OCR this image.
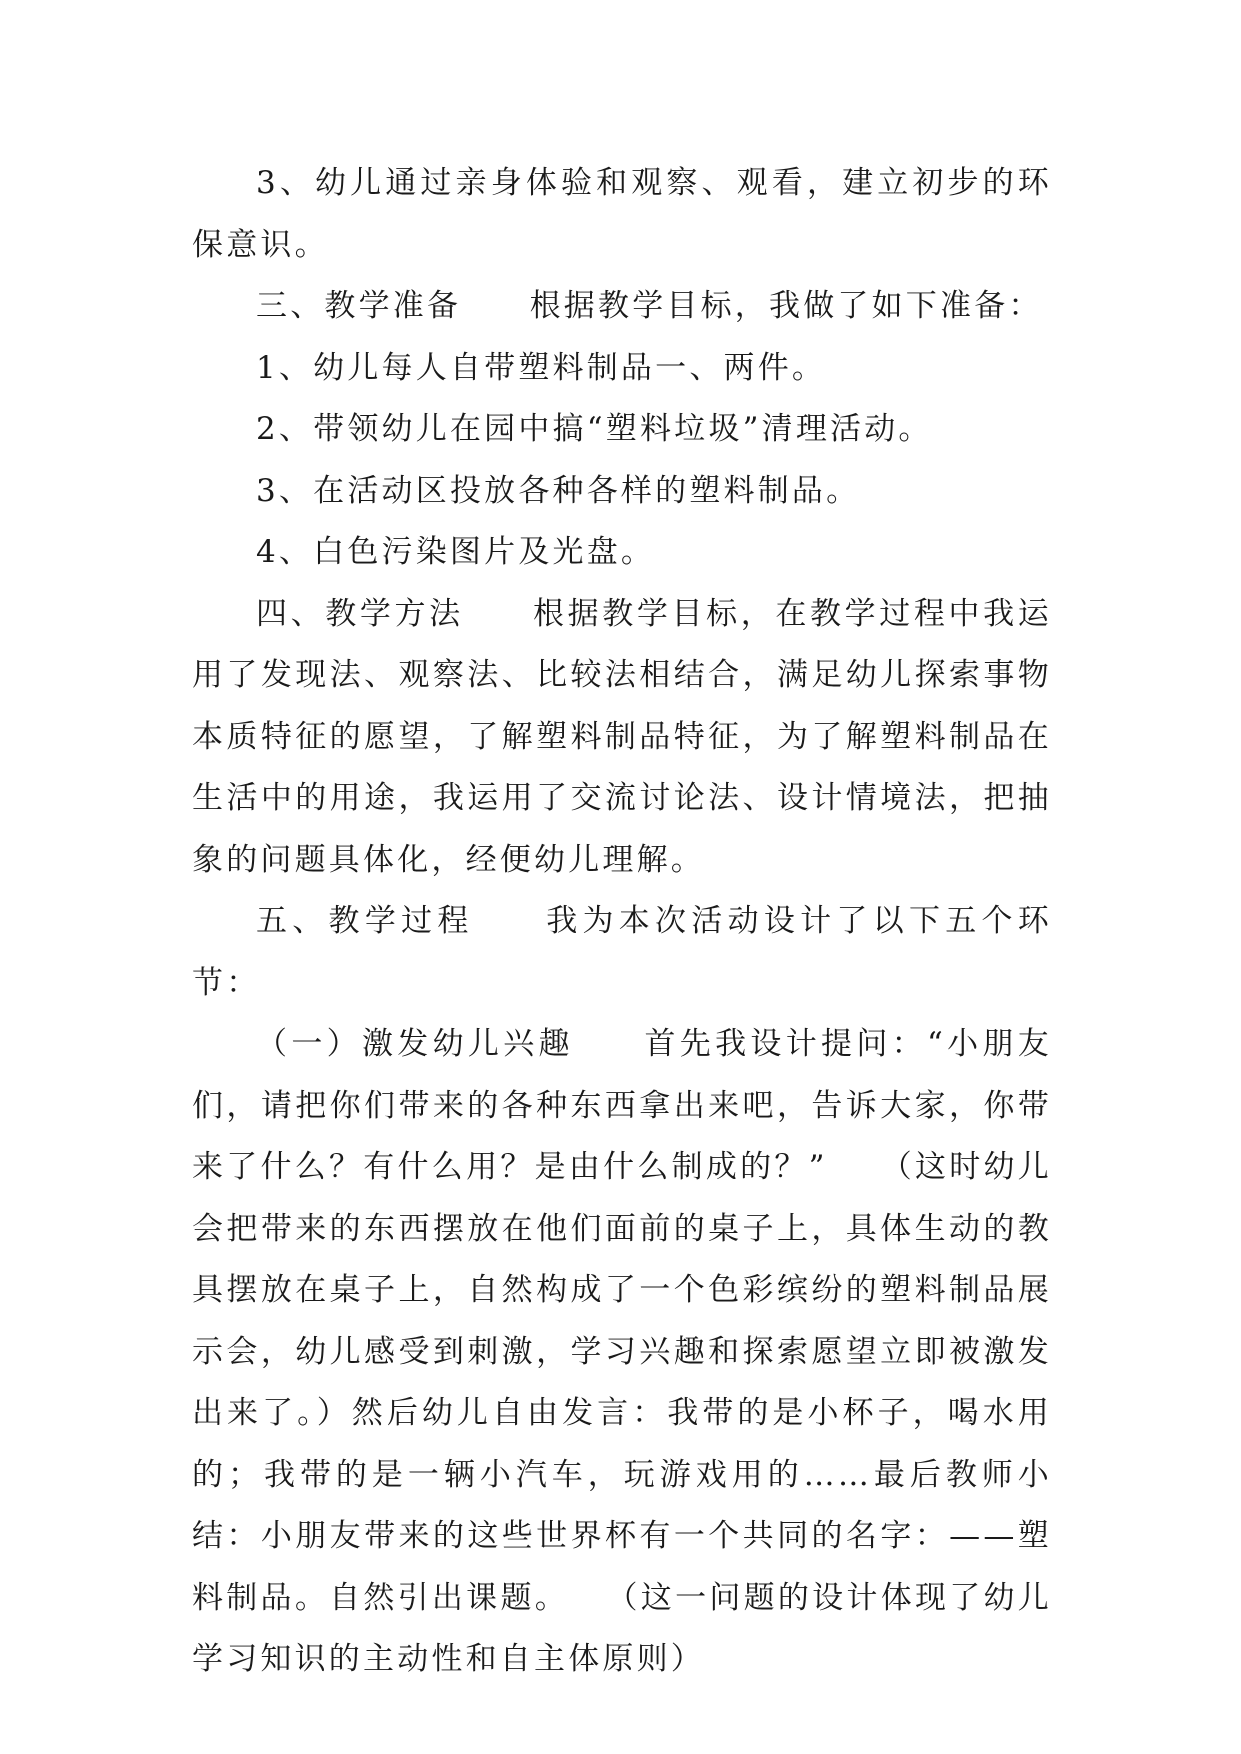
3、幼儿通过亲身体验和观察、观看，建立初步的环保意识。

三、教学准备　　根据教学目标，我做了如下准备：

1、幼儿每人自带塑料制品一、两件。

2、带领幼儿在园中搞“塑料垃圾”清理活动。

3、在活动区投放各种各样的塑料制品。

4、白色污染图片及光盘。

四、教学方法　　根据教学目标，在教学过程中我运用了发现法、观察法、比较法相结合，满足幼儿探索事物本质特征的愿望，了解塑料制品特征，为了解塑料制品在生活中的用途，我运用了交流讨论法、设计情境法，把抽象的问题具体化，经便幼儿理解。

五、教学过程　　我为本次活动设计了以下五个环节：

（一）激发幼儿兴趣　　首先我设计提问：“小朋友们，请把你们带来的各种东西拿出来吧，告诉大家，你带来了什么？有什么用？是由什么制成的？”　　（这时幼儿会把带来的东西摆放在他们面前的桌子上，具体生动的教具摆放在桌子上，自然构成了一个色彩缤纷的塑料制品展示会，幼儿感受到刺激，学习兴趣和探索愿望立即被激发出来了。）然后幼儿自由发言：我带的是小杯子，喝水用的；我带的是一辆小汽车，玩游戏用的……最后教师小结：小朋友带来的这些世界杯有一个共同的名字：——塑料制品。自然引出课题。　　（这一问题的设计体现了幼儿学习知识的主动性和自主体原则）
